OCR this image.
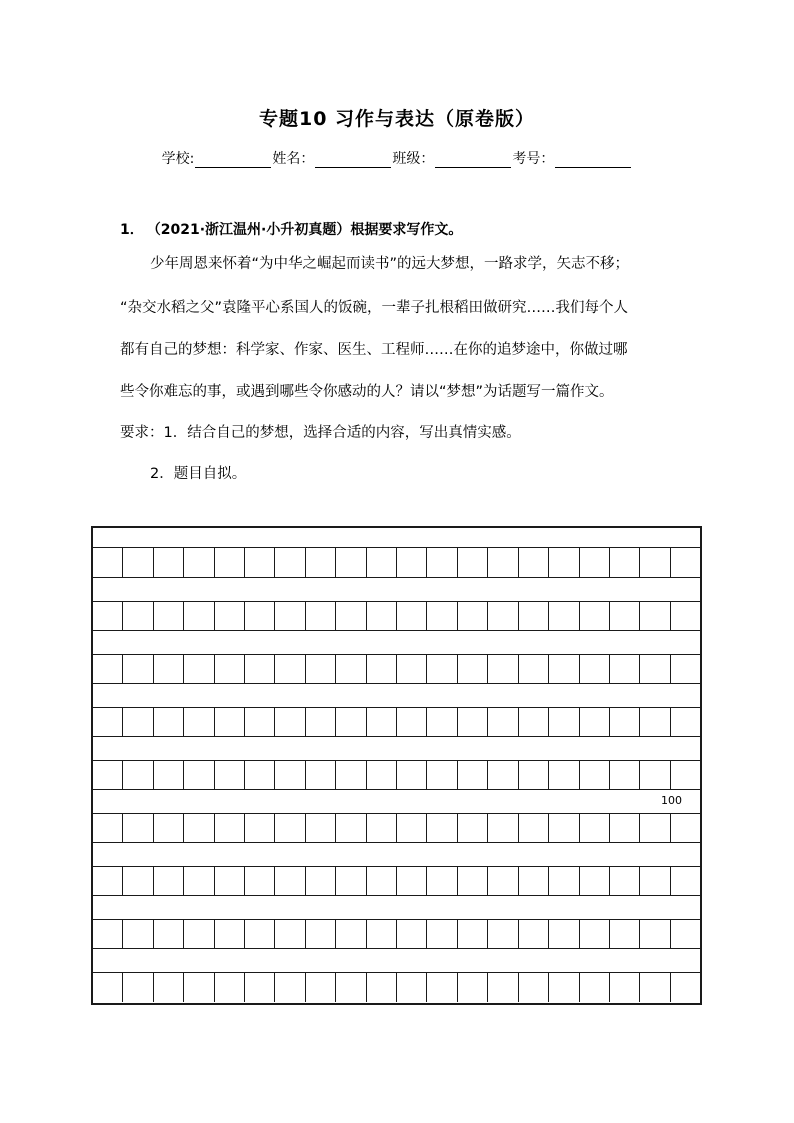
专题10 习作与表达（原卷版）
学校:	姓名：	班级：	考号：
1． （2021·浙江温州·小升初真题）根据要求写作文。
少年周恩来怀着“为中华之崛起而读书”的远大梦想，一路求学，矢志不移；
“杂交水稻之父”袁隆平心系国人的饭碗，一辈子扎根稻田做研究……我们每个人
都有自己的梦想：科学家、作家、医生、工程师……在你的追梦途中，你做过哪
些令你难忘的事，或遇到哪些令你感动的人？请以“梦想”为话题写一篇作文。
要求：1．结合自己的梦想，选择合适的内容，写出真情实感。
2．题目自拟。
100
